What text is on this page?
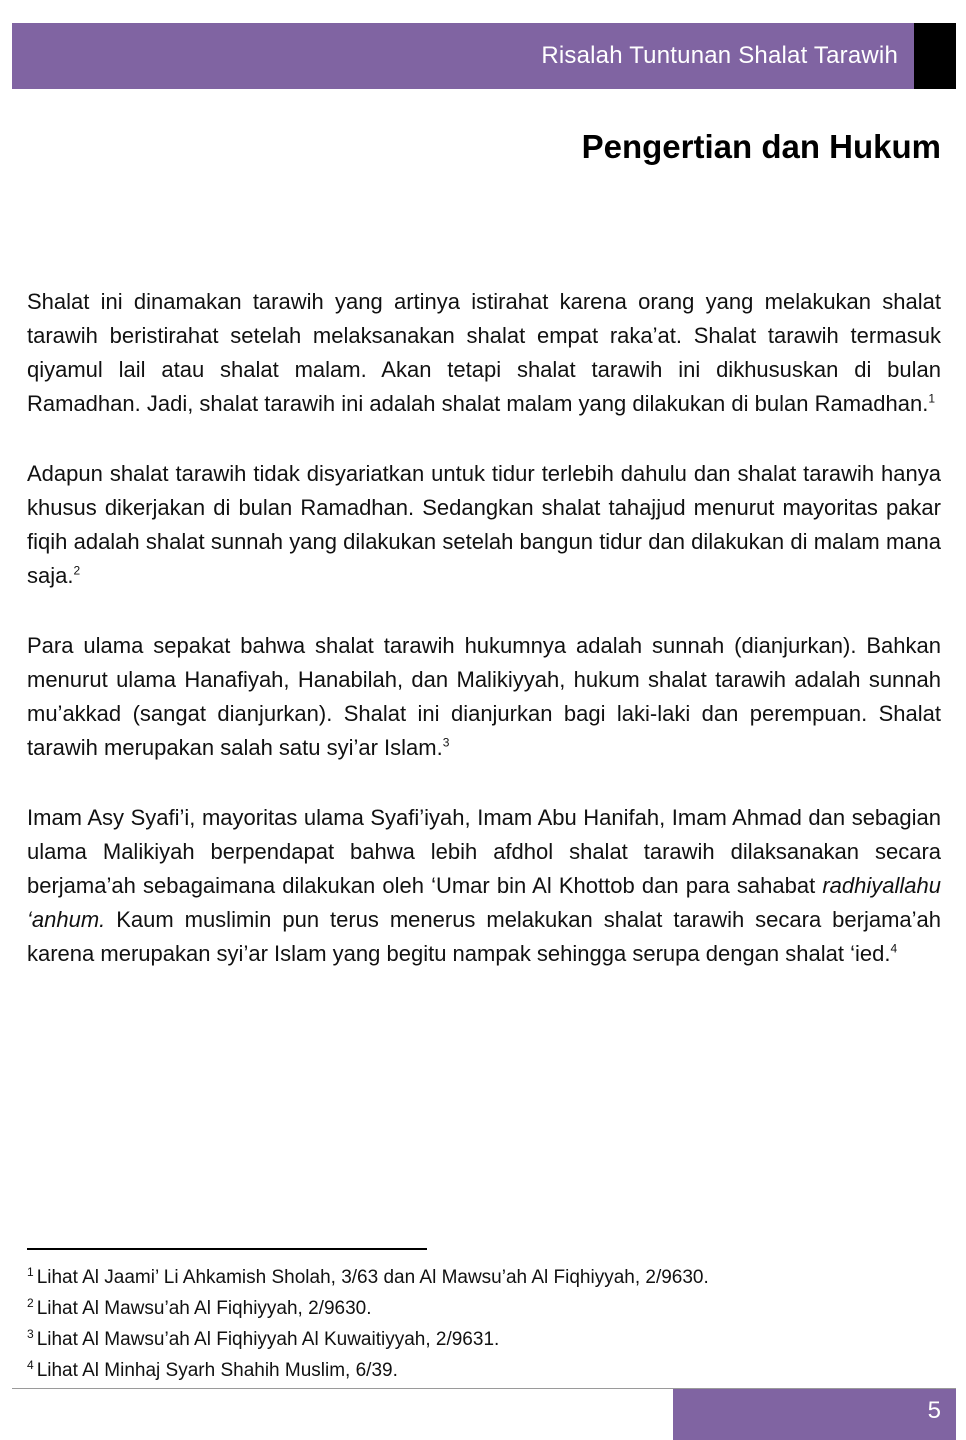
Risalah Tuntunan Shalat Tarawih
Pengertian dan Hukum

Shalat ini dinamakan tarawih yang artinya istirahat karena orang yang melakukan shalat tarawih beristirahat setelah melaksanakan shalat empat raka’at. Shalat tarawih termasuk qiyamul lail atau shalat malam. Akan tetapi shalat tarawih ini dikhususkan di bulan Ramadhan. Jadi, shalat tarawih ini adalah shalat malam yang dilakukan di bulan Ramadhan.$^1$

Adapun shalat tarawih tidak disyariatkan untuk tidur terlebih dahulu dan shalat tarawih hanya khusus dikerjakan di bulan Ramadhan. Sedangkan shalat tahajjud menurut mayoritas pakar fiqih adalah shalat sunnah yang dilakukan setelah bangun tidur dan dilakukan di malam mana saja.$^2$

Para ulama sepakat bahwa shalat tarawih hukumnya adalah sunnah (dianjurkan). Bahkan menurut ulama Hanafiyah, Hanabilah, dan Malikiyyah, hukum shalat tarawih adalah sunnah mu’akkad (sangat dianjurkan). Shalat ini dianjurkan bagi laki-laki dan perempuan. Shalat tarawih merupakan salah satu syi’ar Islam.$^3$

Imam Asy Syafi’i, mayoritas ulama Syafi’iyah, Imam Abu Hanifah, Imam Ahmad dan sebagian ulama Malikiyah berpendapat bahwa lebih afdhol shalat tarawih dilaksanakan secara berjama’ah sebagaimana dilakukan oleh ‘Umar bin Al Khottob dan para sahabat radhiyallahu ‘anhum. Kaum muslimin pun terus menerus melakukan shalat tarawih secara berjama’ah karena merupakan syi’ar Islam yang begitu nampak sehingga serupa dengan shalat ‘ied.$^4$

$^1$ Lihat Al Jaami’ Li Ahkamish Sholah, 3/63 dan Al Mawsu’ah Al Fiqhiyyah, 2/9630.
$^2$ Lihat Al Mawsu’ah Al Fiqhiyyah, 2/9630.
$^3$ Lihat Al Mawsu’ah Al Fiqhiyyah Al Kuwaitiyyah, 2/9631.
$^4$ Lihat Al Minhaj Syarh Shahih Muslim, 6/39.
5
